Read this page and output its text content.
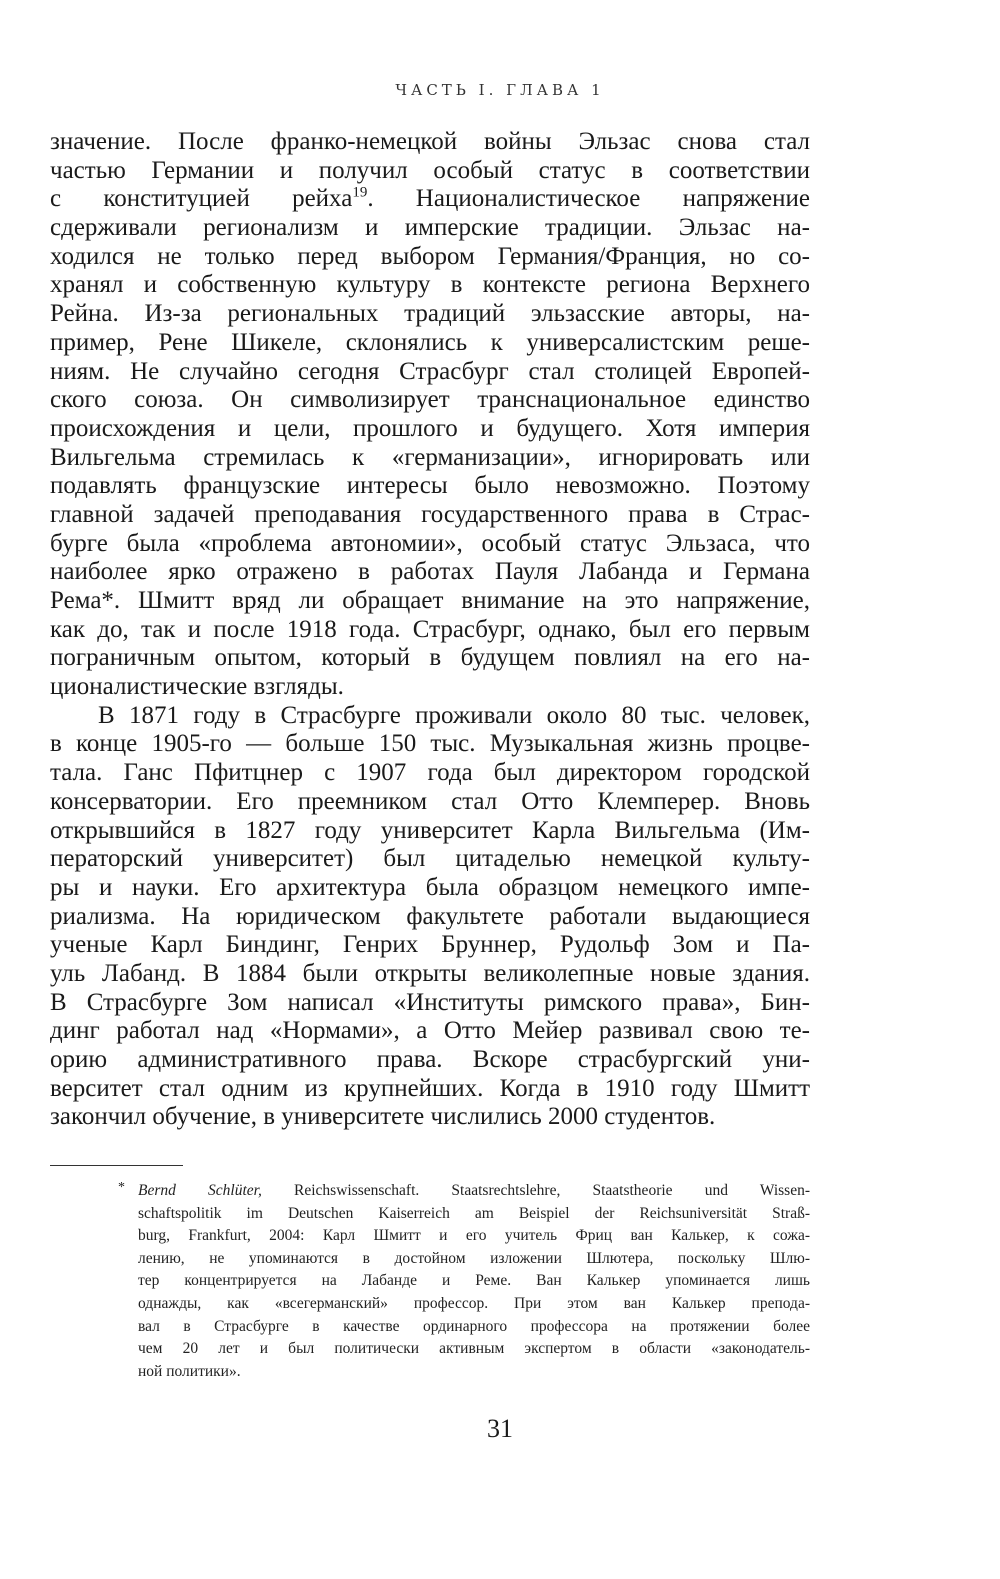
ЧАСТЬ I. ГЛАВА 1
значение. После франко-немецкой войны Эльзас снова стал
частью Германии и получил особый статус в соответствии
с конституцией рейха$^{19}$. Националистическое напряжение
сдерживали регионализм и имперские традиции. Эльзас на-
ходился не только перед выбором Германия/Франция, но со-
хранял и собственную культуру в контексте региона Верхнего
Рейна. Из-за региональных традиций эльзасские авторы, на-
пример, Рене Шикеле, склонялись к универсалистским реше-
ниям. Не случайно сегодня Страсбург стал столицей Европей-
ского союза. Он символизирует транснациональное единство
происхождения и цели, прошлого и будущего. Хотя империя
Вильгельма стремилась к «германизации», игнорировать или
подавлять французские интересы было невозможно. Поэтому
главной задачей преподавания государственного права в Страс-
бурге была «проблема автономии», особый статус Эльзаса, что
наиболее ярко отражено в работах Пауля Лабанда и Германа
Рема*. Шмитт вряд ли обращает внимание на это напряжение,
как до, так и после 1918 года. Страсбург, однако, был его первым
пограничным опытом, который в будущем повлиял на его на-
ционалистические взгляды.
В 1871 году в Страсбурге проживали около 80 тыс. человек,
в конце 1905-го — больше 150 тыс. Музыкальная жизнь процве-
тала. Ганс Пфитцнер с 1907 года был директором городской
консерватории. Его преемником стал Отто Клемперер. Вновь
открывшийся в 1827 году университет Карла Вильгельма (Им-
ператорский университет) был цитаделью немецкой культу-
ры и науки. Его архитектура была образцом немецкого импе-
риализма. На юридическом факультете работали выдающиеся
ученые Карл Биндинг, Генрих Бруннер, Рудольф Зом и Па-
уль Лабанд. В 1884 были открыты великолепные новые здания.
В Страсбурге Зом написал «Институты римского права», Бин-
динг работал над «Нормами», а Отто Мейер развивал свою те-
орию административного права. Вскоре страсбургский уни-
верситет стал одним из крупнейших. Когда в 1910 году Шмитт
закончил обучение, в университете числились 2000 студентов.
* Bernd Schlüter, Reichswissenschaft. Staatsrechtslehre, Staatstheorie und Wissen-
schaftspolitik im Deutschen Kaiserreich am Beispiel der Reichsuniversität Straß-
burg, Frankfurt, 2004: Карл Шмитт и его учитель Фриц ван Калькер, к сожа-
лению, не упоминаются в достойном изложении Шлютера, поскольку Шлю-
тер концентрируется на Лабанде и Реме. Ван Калькер упоминается лишь
однажды, как «всегерманский» профессор. При этом ван Калькер препода-
вал в Страсбурге в качестве ординарного профессора на протяжении более
чем 20 лет и был политически активным экспертом в области «законодатель-
ной политики».
31
